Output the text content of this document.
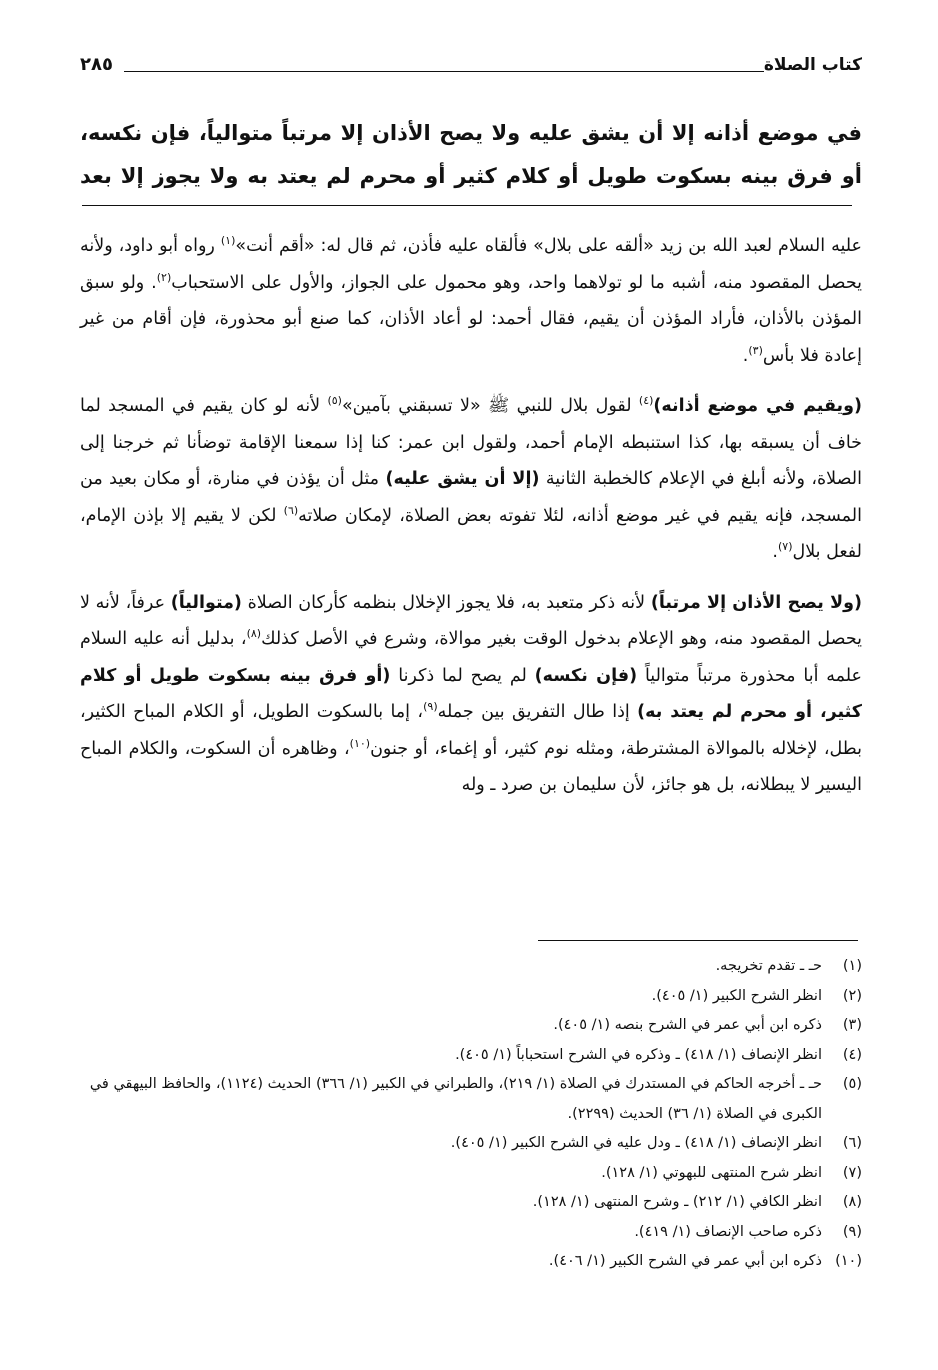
كتاب الصلاة
٢٨٥
في موضع أذانه إلا أن يشق عليه ولا يصح الأذان إلا مرتباً متوالياً، فإن نكسه، أو فرق بينه بسكوت طويل أو كلام كثير أو محرم لم يعتد به ولا يجوز إلا بعد

عليه السلام لعبد الله بن زيد «ألقه على بلال» فألقاه عليه فأذن، ثم قال له: «أقم أنت»$^{(١)}$ رواه أبو داود، ولأنه يحصل المقصود منه، أشبه ما لو تولاهما واحد، وهو محمول على الجواز، والأول على الاستحباب$^{(٢)}$. ولو سبق المؤذن بالأذان، فأراد المؤذن أن يقيم، فقال أحمد: لو أعاد الأذان، كما صنع أبو محذورة، فإن أقام من غير إعادة فلا بأس$^{(٣)}$.

(ويقيم في موضع أذانه)$^{(٤)}$ لقول بلال للنبي ﷺ «لا تسبقني بآمين»$^{(٥)}$ لأنه لو كان يقيم في المسجد لما خاف أن يسبقه بها، كذا استنبطه الإمام أحمد، ولقول ابن عمر: كنا إذا سمعنا الإقامة توضأنا ثم خرجنا إلى الصلاة، ولأنه أبلغ في الإعلام كالخطبة الثانية (إلا أن يشق عليه) مثل أن يؤذن في منارة، أو مكان بعيد من المسجد، فإنه يقيم في غير موضع أذانه، لئلا تفوته بعض الصلاة، لإمكان صلاته$^{(٦)}$ لكن لا يقيم إلا بإذن الإمام، لفعل بلال$^{(٧)}$.

(ولا يصح الأذان إلا مرتباً) لأنه ذكر متعبد به، فلا يجوز الإخلال بنظمه كأركان الصلاة (متوالياً) عرفاً، لأنه لا يحصل المقصود منه، وهو الإعلام بدخول الوقت بغير موالاة، وشرع في الأصل كذلك$^{(٨)}$، بدليل أنه عليه السلام علمه أبا محذورة مرتباً متوالياً (فإن نكسه) لم يصح لما ذكرنا (أو فرق بينه بسكوت طويل أو كلام كثير، أو محرم لم يعتد به) إذا طال التفريق بين جمله$^{(٩)}$، إما بالسكوت الطويل، أو الكلام المباح الكثير، بطل، لإخلاله بالموالاة المشترطة، ومثله نوم كثير، أو إغماء، أو جنون$^{(١٠)}$، وظاهره أن السكوت، والكلام المباح اليسير لا يبطلانه، بل هو جائز، لأن سليمان بن صرد ـ وله

(١)
حـ ـ تقدم تخريجه.
(٢)
انظر الشرح الكبير (١/ ٤٠٥).
(٣)
ذكره ابن أبي عمر في الشرح بنصه (١/ ٤٠٥).
(٤)
انظر الإنصاف (١/ ٤١٨) ـ وذكره في الشرح استحباباً (١/ ٤٠٥).
(٥)
حـ ـ أخرجه الحاكم في المستدرك في الصلاة (١/ ٢١٩)، والطبراني في الكبير (١/ ٣٦٦) الحديث (١١٢٤)، والحافظ البيهقي في الكبرى في الصلاة (١/ ٣٦) الحديث (٢٢٩٩).
(٦)
انظر الإنصاف (١/ ٤١٨) ـ ودل عليه في الشرح الكبير (١/ ٤٠٥).
(٧)
انظر شرح المنتهى للبهوتي (١/ ١٢٨).
(٨)
انظر الكافي (١/ ٢١٢) ـ وشرح المنتهى (١/ ١٢٨).
(٩)
ذكره صاحب الإنصاف (١/ ٤١٩).
(١٠)
ذكره ابن أبي عمر في الشرح الكبير (١/ ٤٠٦).
